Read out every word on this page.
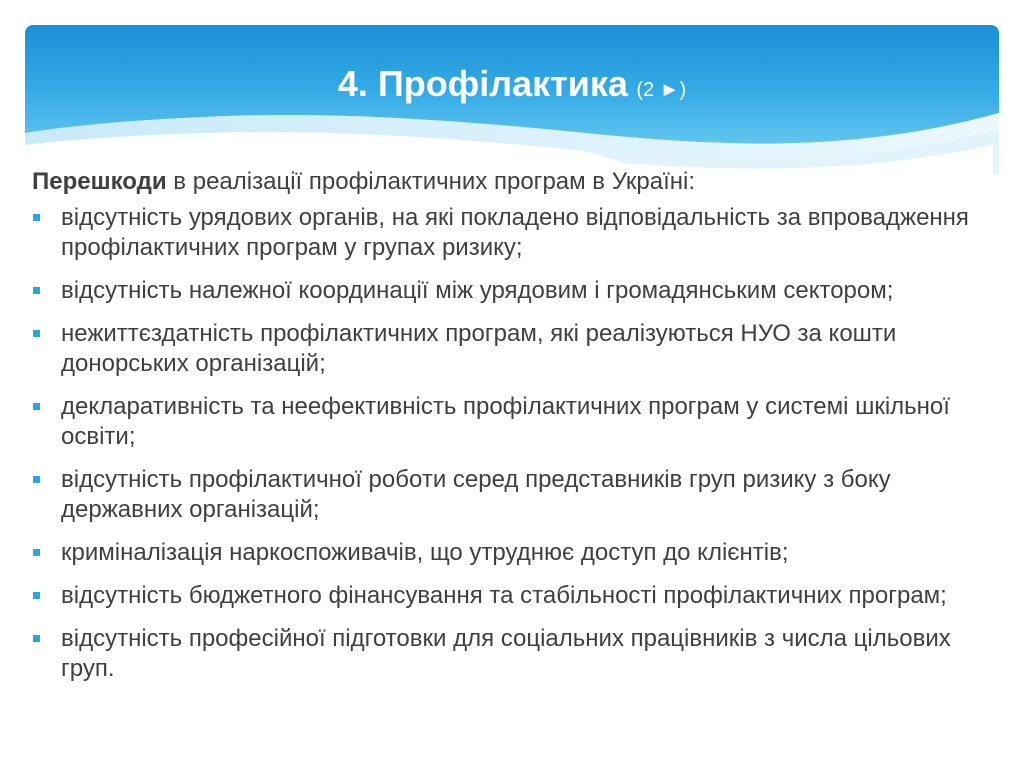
4. Профілактика (2 ►)

Перешкоди в реалізації профілактичних програм в Україні:

відсутність урядових органів, на які покладено відповідальність за впровадження профілактичних програм у групах ризику;
відсутність належної координації між урядовим і громадянським сектором;
нежиттєздатність профілактичних програм, які реалізуються НУО за кошти донорських організацій;
декларативність та неефективність профілактичних програм у системі шкільної освіти;
відсутність профілактичної роботи серед представників груп ризику з боку державних організацій;
криміналізація наркоспоживачів, що утруднює доступ до клієнтів;
відсутність бюджетного фінансування та стабільності профілактичних програм;
відсутність професійної підготовки для соціальних працівників з числа цільових груп.
